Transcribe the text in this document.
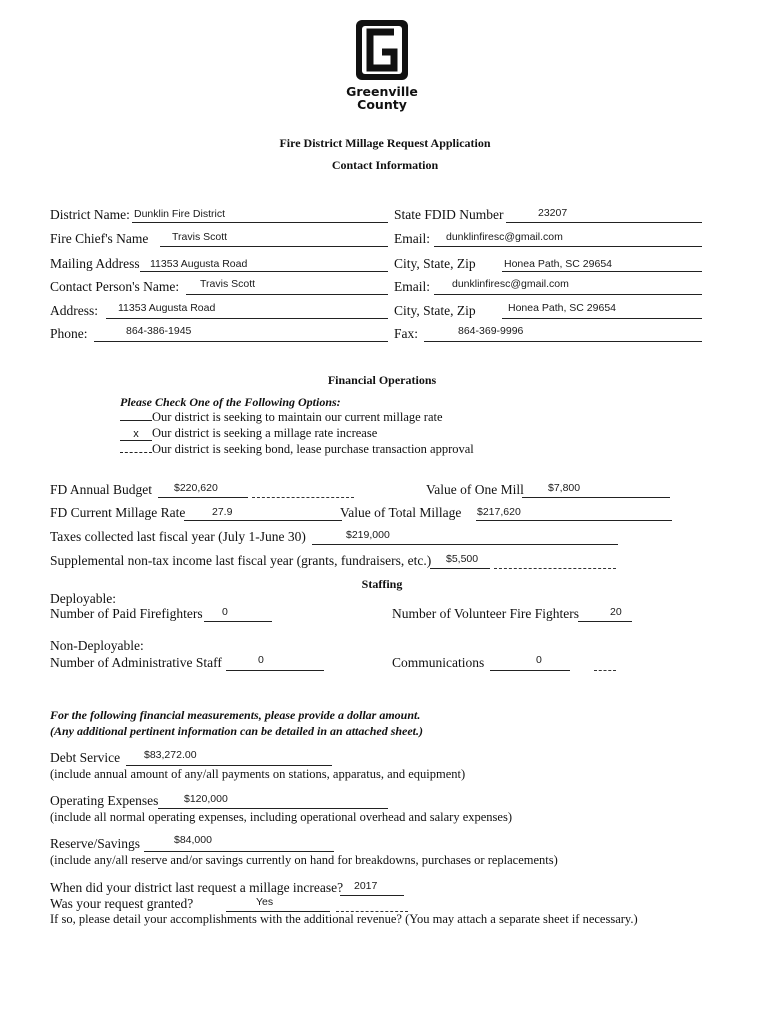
Greenville
County
Fire District Millage Request Application
Contact Information
District Name: Dunklin Fire District	State FDID Number	23207
Fire Chief's Name Travis Scott	Email: dunklinfiresc@gmail.com
Mailing Address 11353 Augusta Road	City, State, Zip	Honea Path, SC 29654
Contact Person's Name: Travis Scott	Email: dunklinfiresc@gmail.com
Address: 11353 Augusta Road	City, State, Zip	Honea Path, SC 29654
Phone:	864-386-1945	Fax:	864-369-9996
Financial Operations
Please Check One of the Following Options:
Our district is seeking to maintain our current millage rate
x Our district is seeking a millage rate increase
Our district is seeking bond, lease purchase transaction approval
FD Annual Budget $220,620	Value of One Mill $7,800
FD Current Millage Rate	27.9	Value of Total Millage $217,620
Taxes collected last fiscal year (July 1-June 30)	$219,000
Supplemental non-tax income last fiscal year (grants, fundraisers, etc.) $5,500
Staffing
Deployable:
Number of Paid Firefighters 0	Number of Volunteer Fire Fighters	20
Non-Deployable:
Number of Administrative Staff	0	Communications	0
For the following financial measurements, please provide a dollar amount.
(Any additional pertinent information can be detailed in an attached sheet.)
Debt Service $83,272.00
(include annual amount of any/all payments on stations, apparatus, and equipment)
Operating Expenses $120,000
(include all normal operating expenses, including operational overhead and salary expenses)
Reserve/Savings	$84,000
(include any/all reserve and/or savings currently on hand for breakdowns, purchases or replacements)
When did your district last request a millage increase? 2017
Was your request granted?	Yes
If so, please detail your accomplishments with the additional revenue? (You may attach a separate sheet if necessary.)
